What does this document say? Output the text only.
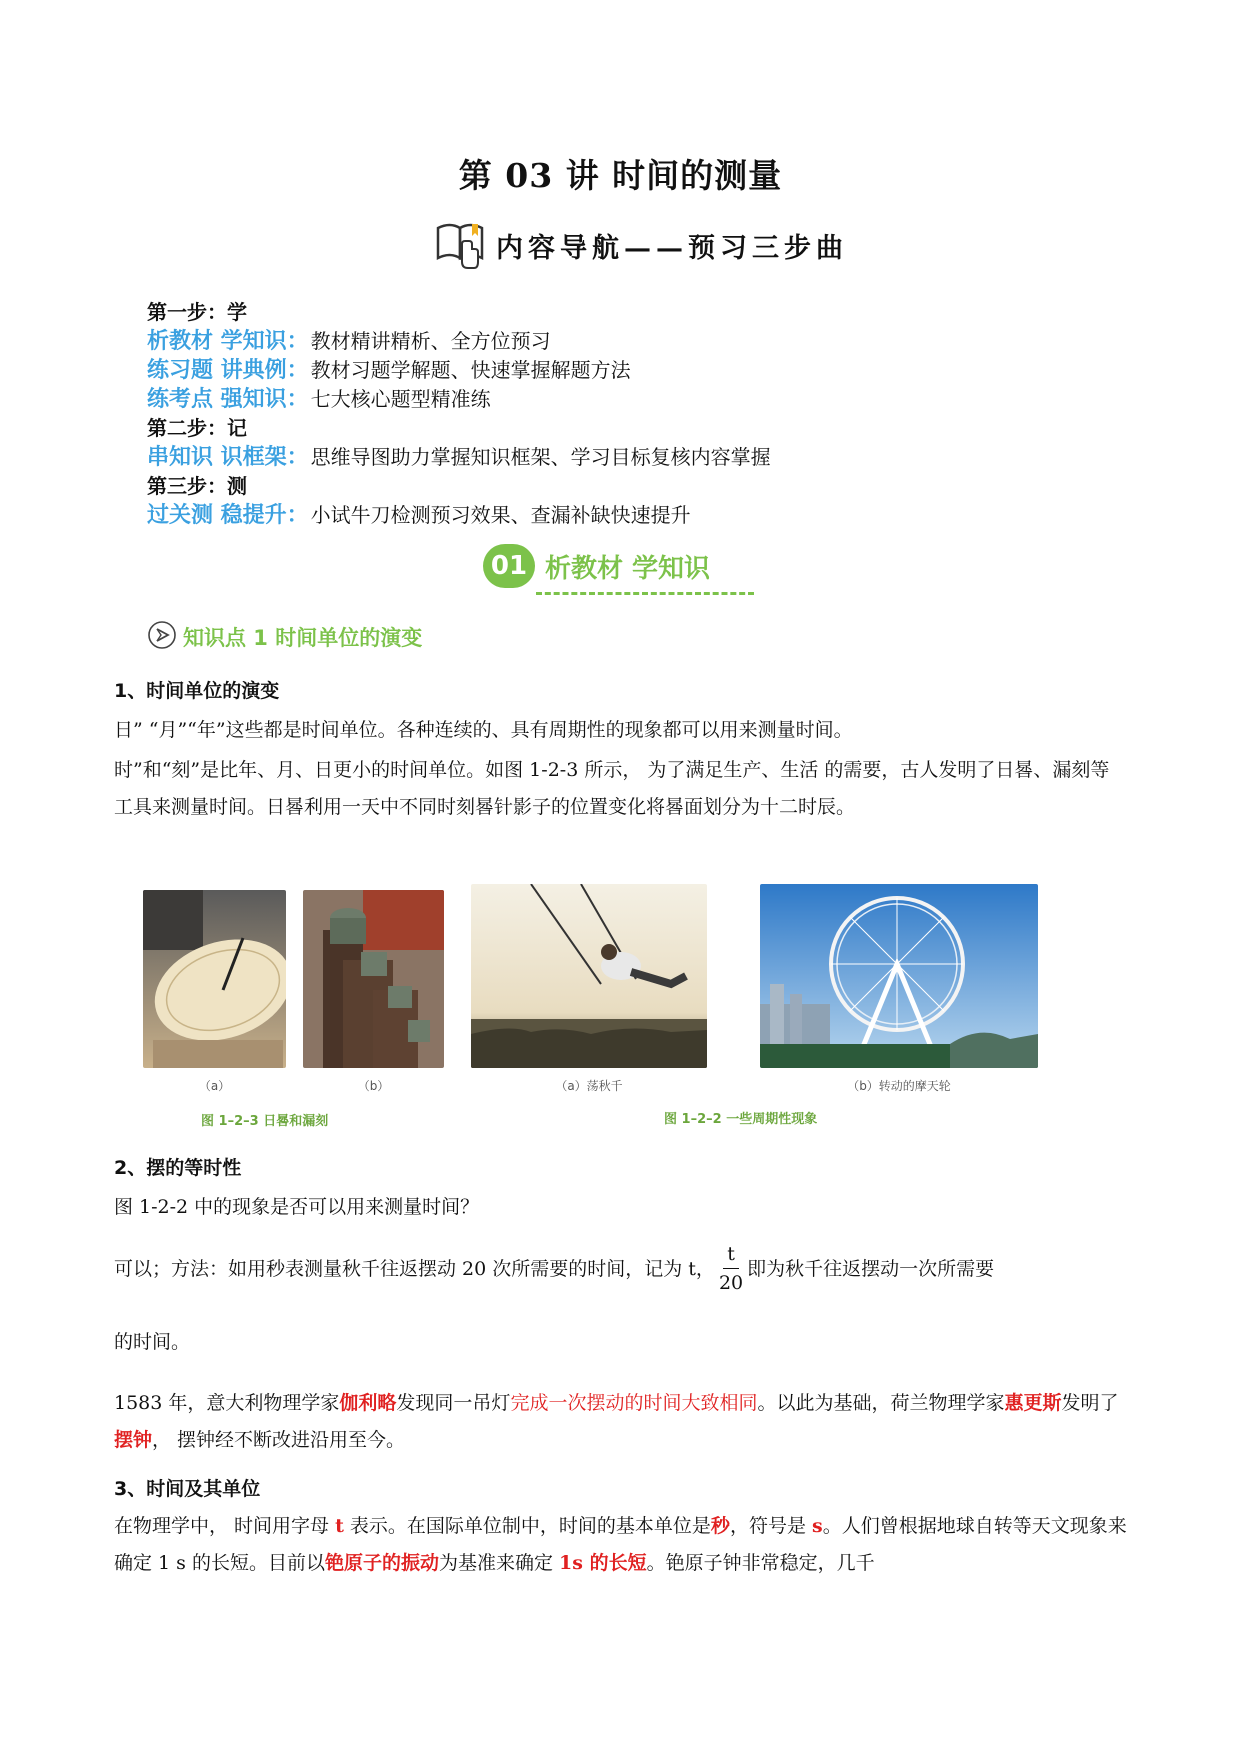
第 03 讲 时间的测量
内容导航——预习三步曲
第一步：学
析教材 学知识： 教材精讲精析、全方位预习
练习题 讲典例： 教材习题学解题、快速掌握解题方法
练考点 强知识： 七大核心题型精准练
第二步：记
串知识 识框架： 思维导图助力掌握知识框架、学习目标复核内容掌握
第三步：测
过关测 稳提升： 小试牛刀检测预习效果、查漏补缺快速提升
01 析教材 学知识
知识点 1 时间单位的演变
1、时间单位的演变
日” “月”“年”这些都是时间单位。各种连续的、具有周期性的现象都可以用来测量时间。
时”和“刻”是比年、月、日更小的时间单位。如图 1-2-3 所示， 为了满足生产、生活 的需要，古人发明了日晷、漏刻等工具来测量时间。日晷利用一天中不同时刻晷针影子的位置变化将晷面划分为十二时辰。
（a）	（b）	（a）荡秋千	（b）转动的摩天轮
图 1–2–3 日晷和漏刻	图 1–2–2 一些周期性现象
2、摆的等时性
图 1-2-2 中的现象是否可以用来测量时间？
可以；方法：如用秒表测量秋千往返摆动 20 次所需要的时间，记为 t， $\frac{t}{20}$ 即为秋千往返摆动一次所需要
的时间。
1583 年，意大利物理学家伽利略发现同一吊灯完成一次摆动的时间大致相同。以此为基础，荷兰物理学家惠更斯发明了摆钟， 摆钟经不断改进沿用至今。
3、时间及其单位
在物理学中， 时间用字母 t 表示。在国际单位制中，时间的基本单位是秒，符号是 s。人们曾根据地球自转等天文现象来确定 1 s 的长短。目前以铯原子的振动为基准来确定 1s 的长短。铯原子钟非常稳定，几千
